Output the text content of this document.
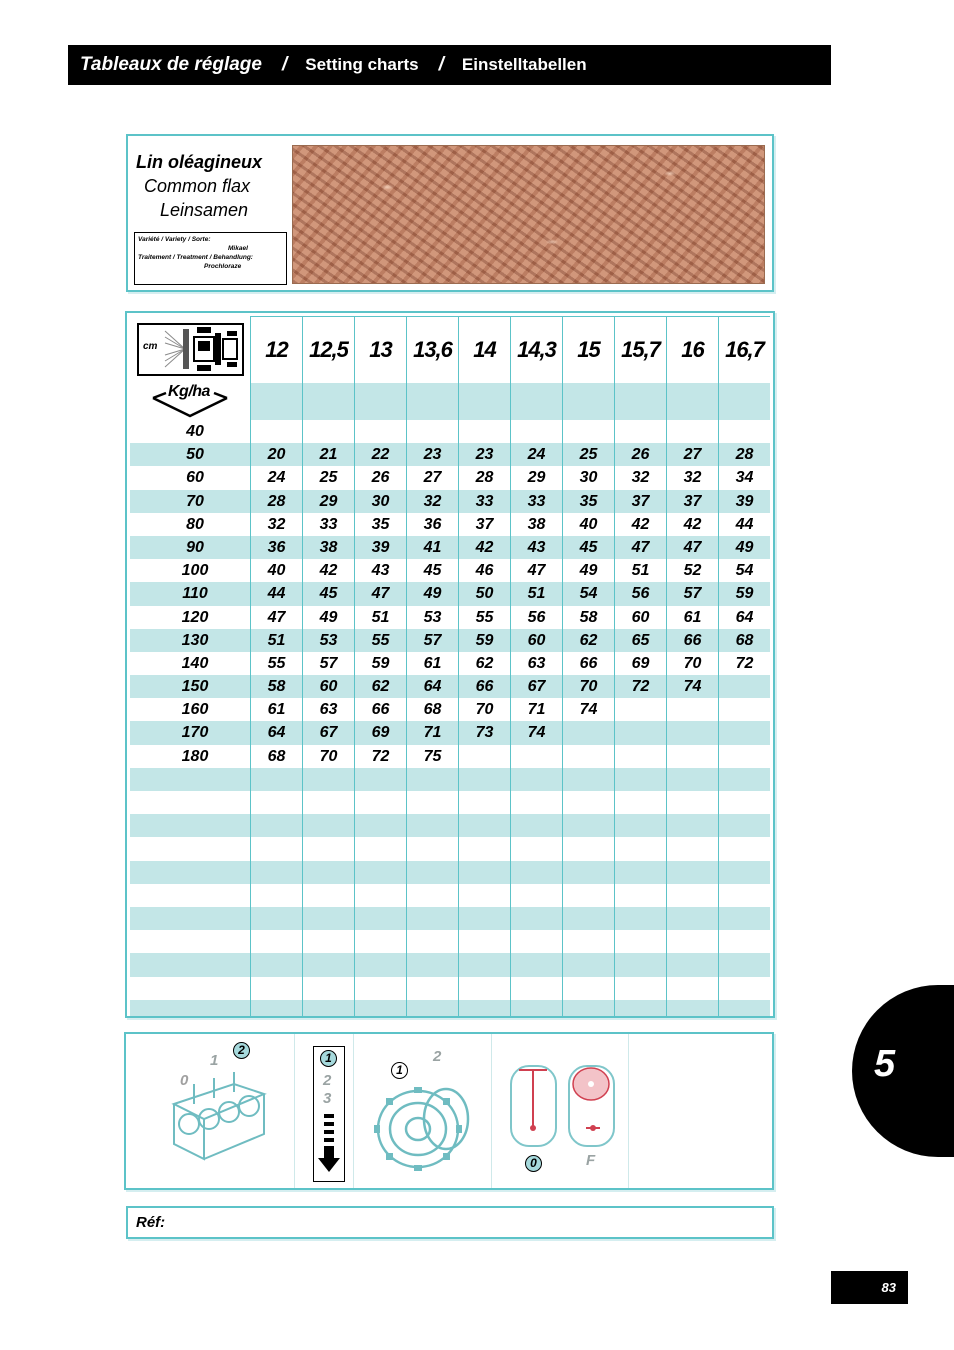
Tableaux de réglage / Setting charts / Einstelltabellen
Lin oléagineux
Common flax
Leinsamen
Variété / Variety / Sorte:
Mikael
Traitement / Treatment / Behandlung:
Prochloraze
cm	12 12,5 13 13,6 14 14,3 15 15,7 16 16,7
Kg/ha
40
50	20	21	22	23	23	24	25	26	27	28
60	24	25	26	27	28	29	30	32	32	34
70	28	29	30	32	33	33	35	37	37	39
80	32	33	35	36	37	38	40	42	42	44
90	36	38	39	41	42	43	45	47	47	49
100	40	42	43	45	46	47	49	51	52	54
110	44	45	47	49	50	51	54	56	57	59
120	47	49	51	53	55	56	58	60	61	64
130	51	53	55	57	59	60	62	65	66	68
140	55	57	59	61	62	63	66	69	70	72
150	58	60	62	64	66	67	70	72	74
160	61	63	66	68	70	71	74
170	64	67	69	71	73	74
180	68	70	72	75
0
1
2
1
2
3
1
2
0	F
Réf:
5
83
